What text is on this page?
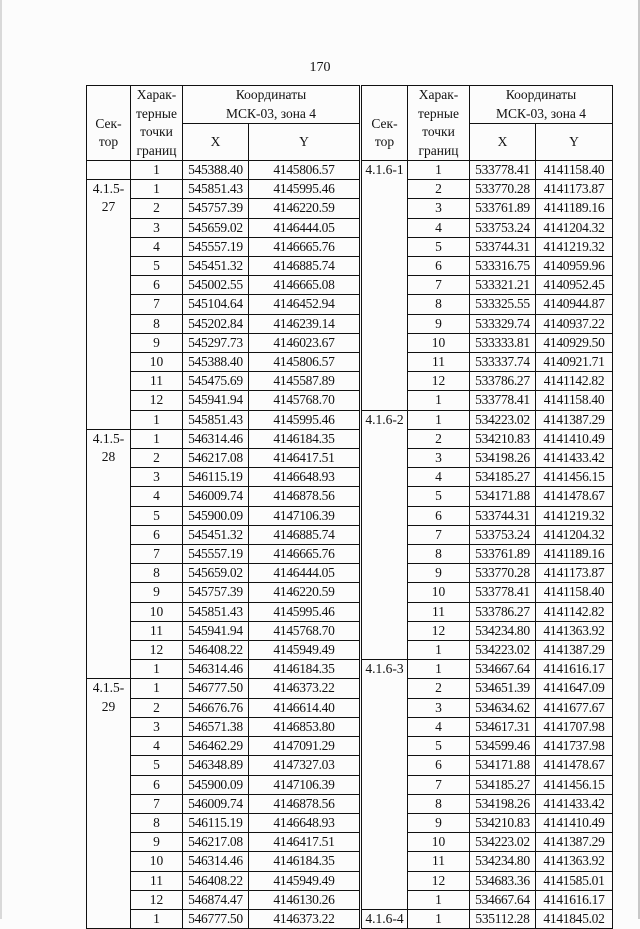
170
Сек-тор	Харак-терные точки границ	Координаты МСК-03, зона 4	

		X	Y
	1	545388.40	4145806.57
4.1.5-27	1	545851.43	4145995.46
	2	545757.39	4146220.59
	3	545659.02	4146444.05
	4	545557.19	4146665.76
	5	545451.32	4146885.74
	6	545002.55	4146665.08
	7	545104.64	4146452.94
	8	545202.84	4146239.14
	9	545297.73	4146023.67
	10	545388.40	4145806.57
	11	545475.69	4145587.89
	12	545941.94	4145768.70
	1	545851.43	4145995.46
4.1.5-28	1	546314.46	4146184.35
	2	546217.08	4146417.51
	3	546115.19	4146648.93
	4	546009.74	4146878.56
	5	545900.09	4147106.39
	6	545451.32	4146885.74
	7	545557.19	4146665.76
	8	545659.02	4146444.05
	9	545757.39	4146220.59
	10	545851.43	4145995.46
	11	545941.94	4145768.70
	12	546408.22	4145949.49
	1	546314.46	4146184.35
4.1.5-29	1	546777.50	4146373.22
	2	546676.76	4146614.40
	3	546571.38	4146853.80
	4	546462.29	4147091.29
	5	546348.89	4147327.03
	6	545900.09	4147106.39
	7	546009.74	4146878.56
	8	546115.19	4146648.93
	9	546217.08	4146417.51
	10	546314.46	4146184.35
	11	546408.22	4145949.49
	12	546874.47	4146130.26
	1	546777.50	4146373.22
Сек-тор	Харак-терные точки границ	Координаты МСК-03, зона 4	

		X	Y
4.1.6-1	1	533778.41	4141158.40
	2	533770.28	4141173.87
	3	533761.89	4141189.16
	4	533753.24	4141204.32
	5	533744.31	4141219.32
	6	533316.75	4140959.96
	7	533321.21	4140952.45
	8	533325.55	4140944.87
	9	533329.74	4140937.22
	10	533333.81	4140929.50
	11	533337.74	4140921.71
	12	533786.27	4141142.82
	1	533778.41	4141158.40
4.1.6-2	1	534223.02	4141387.29
	2	534210.83	4141410.49
	3	534198.26	4141433.42
	4	534185.27	4141456.15
	5	534171.88	4141478.67
	6	533744.31	4141219.32
	7	533753.24	4141204.32
	8	533761.89	4141189.16
	9	533770.28	4141173.87
	10	533778.41	4141158.40
	11	533786.27	4141142.82
	12	534234.80	4141363.92
	1	534223.02	4141387.29
4.1.6-3	1	534667.64	4141616.17
	2	534651.39	4141647.09
	3	534634.62	4141677.67
	4	534617.31	4141707.98
	5	534599.46	4141737.98
	6	534171.88	4141478.67
	7	534185.27	4141456.15
	8	534198.26	4141433.42
	9	534210.83	4141410.49
	10	534223.02	4141387.29
	11	534234.80	4141363.92
	12	534683.36	4141585.01
	1	534667.64	4141616.17
4.1.6-4	1	535112.28	4141845.02
